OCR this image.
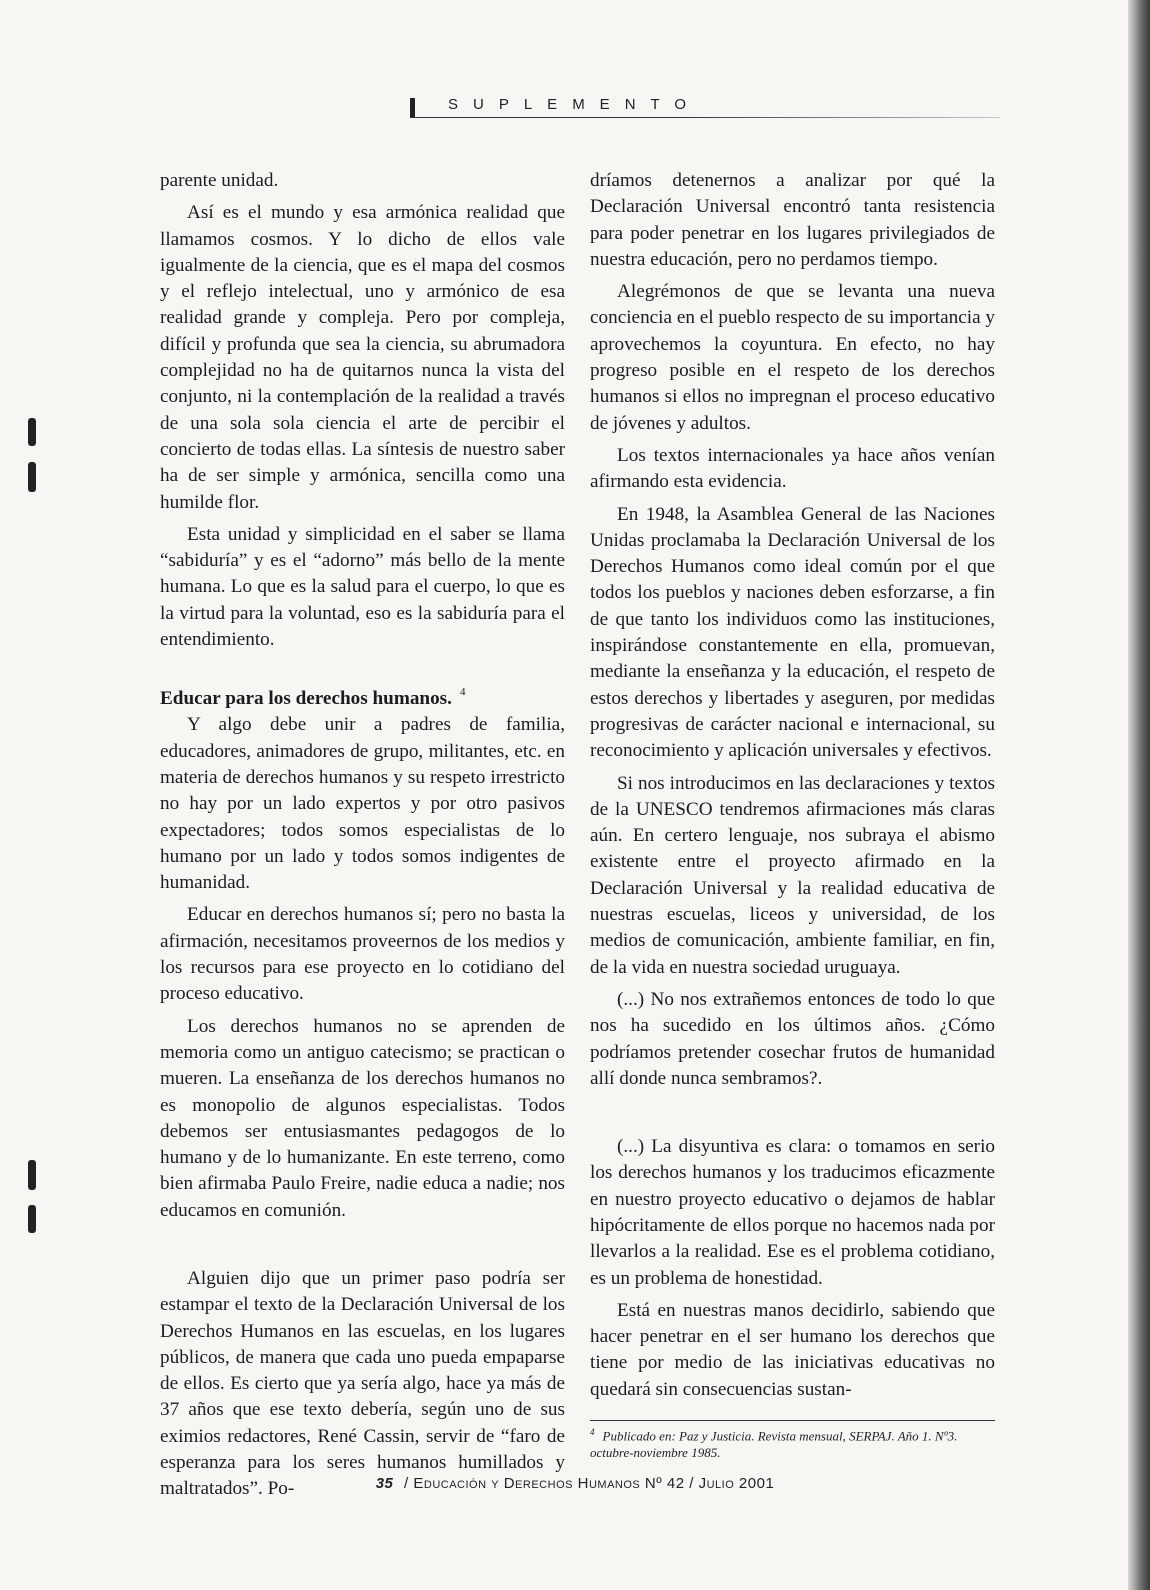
SUPLEMENTO

parente unidad.

Así es el mundo y esa armónica realidad que llamamos cosmos. Y lo dicho de ellos vale igualmente de la ciencia, que es el mapa del cosmos y el reflejo intelectual, uno y armónico de esa realidad grande y compleja. Pero por compleja, difícil y profunda que sea la ciencia, su abrumadora complejidad no ha de quitarnos nunca la vista del conjunto, ni la contemplación de la realidad a través de una sola sola ciencia el arte de percibir el concierto de todas ellas. La síntesis de nuestro saber ha de ser simple y armónica, sencilla como una humilde flor.

Esta unidad y simplicidad en el saber se llama “sabiduría” y es el “adorno” más bello de la mente humana. Lo que es la salud para el cuerpo, lo que es la virtud para la voluntad, eso es la sabiduría para el entendimiento.

Educar para los derechos humanos. $^4$

Y algo debe unir a padres de familia, educadores, animadores de grupo, militantes, etc. en materia de derechos humanos y su respeto irrestricto no hay por un lado expertos y por otro pasivos expectadores; todos somos especialistas de lo humano por un lado y todos somos indigentes de humanidad.

Educar en derechos humanos sí; pero no basta la afirmación, necesitamos proveernos de los medios y los recursos para ese proyecto en lo cotidiano del proceso educativo.

Los derechos humanos no se aprenden de memoria como un antiguo catecismo; se practican o mueren. La enseñanza de los derechos humanos no es monopolio de algunos especialistas. Todos debemos ser entusiasmantes pedagogos de lo humano y de lo humanizante. En este terreno, como bien afirmaba Paulo Freire, nadie educa a nadie; nos educamos en comunión.

Alguien dijo que un primer paso podría ser estampar el texto de la Declaración Universal de los Derechos Humanos en las escuelas, en los lugares públicos, de manera que cada uno pueda empaparse de ellos. Es cierto que ya sería algo, hace ya más de 37 años que ese texto debería, según uno de sus eximios redactores, René Cassin, servir de “faro de esperanza para los seres humanos humillados y maltratados”. Po-

dríamos detenernos a analizar por qué la Declaración Universal encontró tanta resistencia para poder penetrar en los lugares privilegiados de nuestra educación, pero no perdamos tiempo.

Alegrémonos de que se levanta una nueva conciencia en el pueblo respecto de su importancia y aprovechemos la coyuntura. En efecto, no hay progreso posible en el respeto de los derechos humanos si ellos no impregnan el proceso educativo de jóvenes y adultos.

Los textos internacionales ya hace años venían afirmando esta evidencia.

En 1948, la Asamblea General de las Naciones Unidas proclamaba la Declaración Universal de los Derechos Humanos como ideal común por el que todos los pueblos y naciones deben esforzarse, a fin de que tanto los individuos como las instituciones, inspirándose constantemente en ella, promuevan, mediante la enseñanza y la educación, el respeto de estos derechos y libertades y aseguren, por medidas progresivas de carácter nacional e internacional, su reconocimiento y aplicación universales y efectivos.

Si nos introducimos en las declaraciones y textos de la UNESCO tendremos afirmaciones más claras aún. En certero lenguaje, nos subraya el abismo existente entre el proyecto afirmado en la Declaración Universal y la realidad educativa de nuestras escuelas, liceos y universidad, de los medios de comunicación, ambiente familiar, en fin, de la vida en nuestra sociedad uruguaya.

(...) No nos extrañemos entonces de todo lo que nos ha sucedido en los últimos años. ¿Cómo podríamos pretender cosechar frutos de humanidad allí donde nunca sembramos?.

(...) La disyuntiva es clara: o tomamos en serio los derechos humanos y los traducimos eficazmente en nuestro proyecto educativo o dejamos de hablar hipócritamente de ellos porque no hacemos nada por llevarlos a la realidad. Ese es el problema cotidiano, es un problema de honestidad.

Está en nuestras manos decidirlo, sabiendo que hacer penetrar en el ser humano los derechos que tiene por medio de las iniciativas educativas no quedará sin consecuencias sustan-

$^4$ Publicado en: Paz y Justicia. Revista mensual, SERPAJ. Año 1. Nº3. octubre-noviembre 1985.
35 / Educación y Derechos Humanos Nº 42 / Julio 2001
